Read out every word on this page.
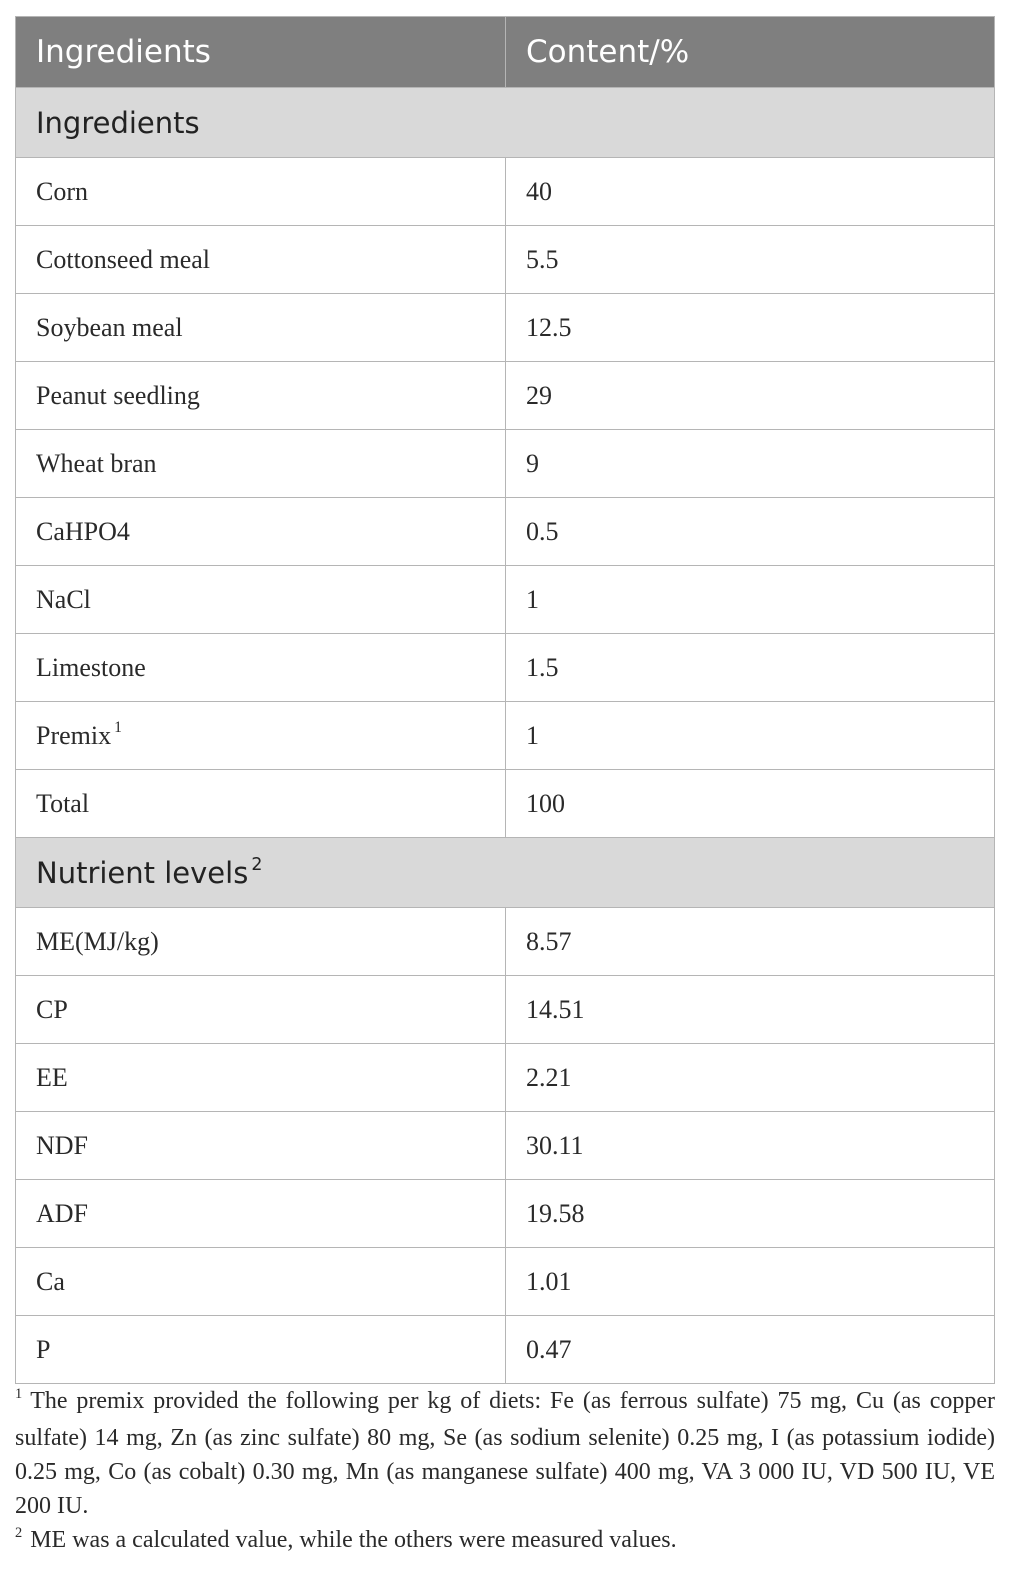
Ingredients	Content/%
Ingredients	
Corn	40
Cottonseed meal	5.5
Soybean meal	12.5
Peanut seedling	29
Wheat bran	9
CaHPO4	0.5
NaCl	1
Limestone	1.5
Premix $^1$	1
Total	100
Nutrient levels $^2$
ME(MJ/kg)	8.57
CP	14.51
EE	2.21
NDF	30.11
ADF	19.58
Ca	1.01
P	0.47

$^1$ The premix provided the following per kg of diets: Fe (as ferrous sulfate) 75 mg, Cu (as copper sulfate) 14 mg, Zn (as zinc sulfate) 80 mg, Se (as sodium selenite) 0.25 mg, I (as potassium iodide) 0.25 mg, Co (as cobalt) 0.30 mg, Mn (as manganese sulfate) 400 mg, VA 3 000 IU, VD 500 IU, VE 200 IU.

$^2$ ME was a calculated value, while the others were measured values.
